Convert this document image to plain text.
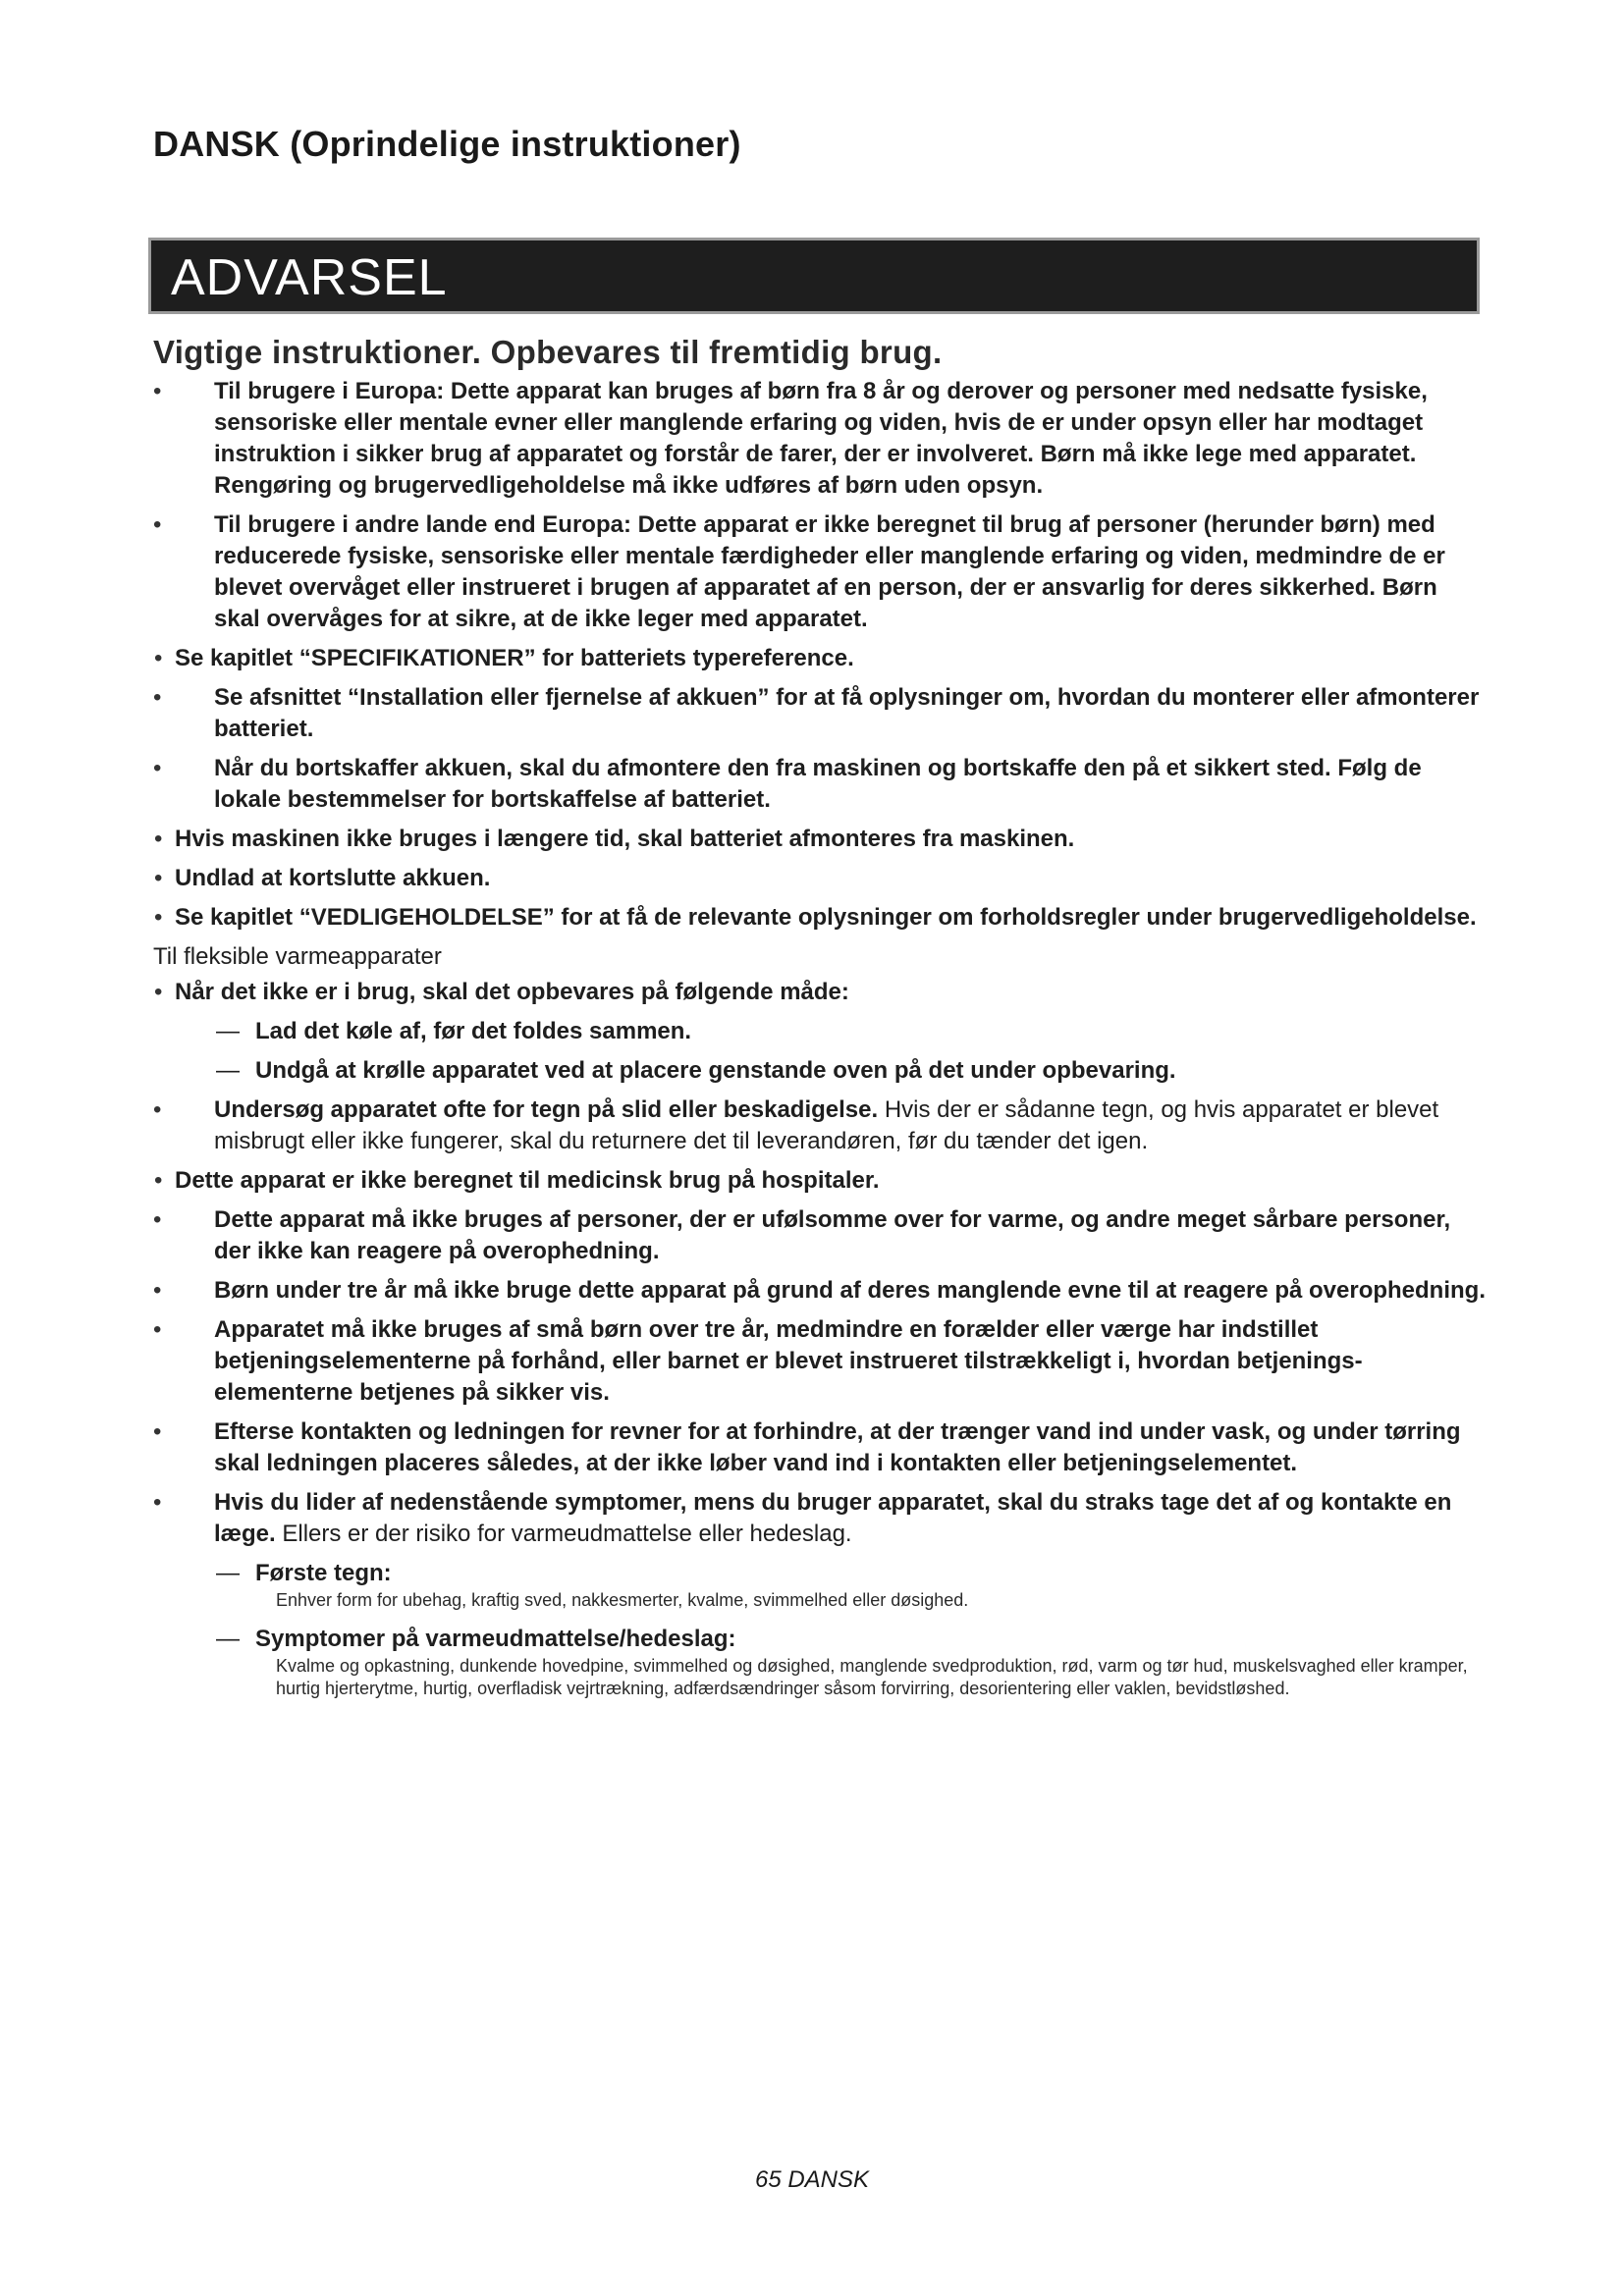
DANSK (Oprindelige instruktioner)
ADVARSEL
Vigtige instruktioner. Opbevares til fremtidig brug.
• Til brugere i Europa: Dette apparat kan bruges af børn fra 8 år og derover og personer med nedsatte fysiske, sensoriske eller mentale evner eller manglende erfaring og viden, hvis de er under opsyn eller har modtaget instruktion i sikker brug af apparatet og forstår de farer, der er involveret. Børn må ikke lege med apparatet. Rengøring og brugervedligeholdelse må ikke udføres af børn uden opsyn.
• Til brugere i andre lande end Europa: Dette apparat er ikke beregnet til brug af personer (herunder børn) med reducerede fysiske, sensoriske eller mentale færdigheder eller manglende erfaring og viden, medmindre de er blevet overvåget eller instrueret i brugen af apparatet af en person, der er ansvarlig for deres sikkerhed. Børn skal overvåges for at sikre, at de ikke leger med apparatet.
• Se kapitlet “SPECIFIKATIONER” for batteriets typereference.
• Se afsnittet “Installation eller fjernelse af akkuen” for at få oplysninger om, hvordan du monterer eller afmonterer batteriet.
• Når du bortskaffer akkuen, skal du afmontere den fra maskinen og bortskaffe den på et sikkert sted. Følg de lokale bestemmelser for bortskaffelse af batteriet.
• Hvis maskinen ikke bruges i længere tid, skal batteriet afmonteres fra maskinen.
• Undlad at kortslutte akkuen.
• Se kapitlet “VEDLIGEHOLDELSE” for at få de relevante oplysninger om forholdsregler under brugervedligeholdelse.
Til fleksible varmeapparater
• Når det ikke er i brug, skal det opbevares på følgende måde:
— Lad det køle af, før det foldes sammen.
— Undgå at krølle apparatet ved at placere genstande oven på det under opbevaring.
• Undersøg apparatet ofte for tegn på slid eller beskadigelse. Hvis der er sådanne tegn, og hvis apparatet er blevet misbrugt eller ikke fungerer, skal du returnere det til leverandøren, før du tænder det igen.
• Dette apparat er ikke beregnet til medicinsk brug på hospitaler.
• Dette apparat må ikke bruges af personer, der er ufølsomme over for varme, og andre meget sårbare personer, der ikke kan reagere på overophedning.
• Børn under tre år må ikke bruge dette apparat på grund af deres manglende evne til at reagere på overophedning.
• Apparatet må ikke bruges af små børn over tre år, medmindre en forælder eller værge har indstillet betjeningselementerne på forhånd, eller barnet er blevet instrueret tilstrækkeligt i, hvordan betjenings-elementerne betjenes på sikker vis.
• Efterse kontakten og ledningen for revner for at forhindre, at der trænger vand ind under vask, og under tørring skal ledningen placeres således, at der ikke løber vand ind i kontakten eller betjeningselementet.
• Hvis du lider af nedenstående symptomer, mens du bruger apparatet, skal du straks tage det af og kontakte en læge. Ellers er der risiko for varmeudmattelse eller hedeslag.
— Første tegn:
Enhver form for ubehag, kraftig sved, nakkesmerter, kvalme, svimmelhed eller døsighed.
— Symptomer på varmeudmattelse/hedeslag:
Kvalme og opkastning, dunkende hovedpine, svimmelhed og døsighed, manglende svedproduktion, rød, varm og tør hud, muskelsvaghed eller kramper, hurtig hjerterytme, hurtig, overfladisk vejrtrækning, adfærdsændringer såsom forvirring, desorientering eller vaklen, bevidstløshed.
65 DANSK
